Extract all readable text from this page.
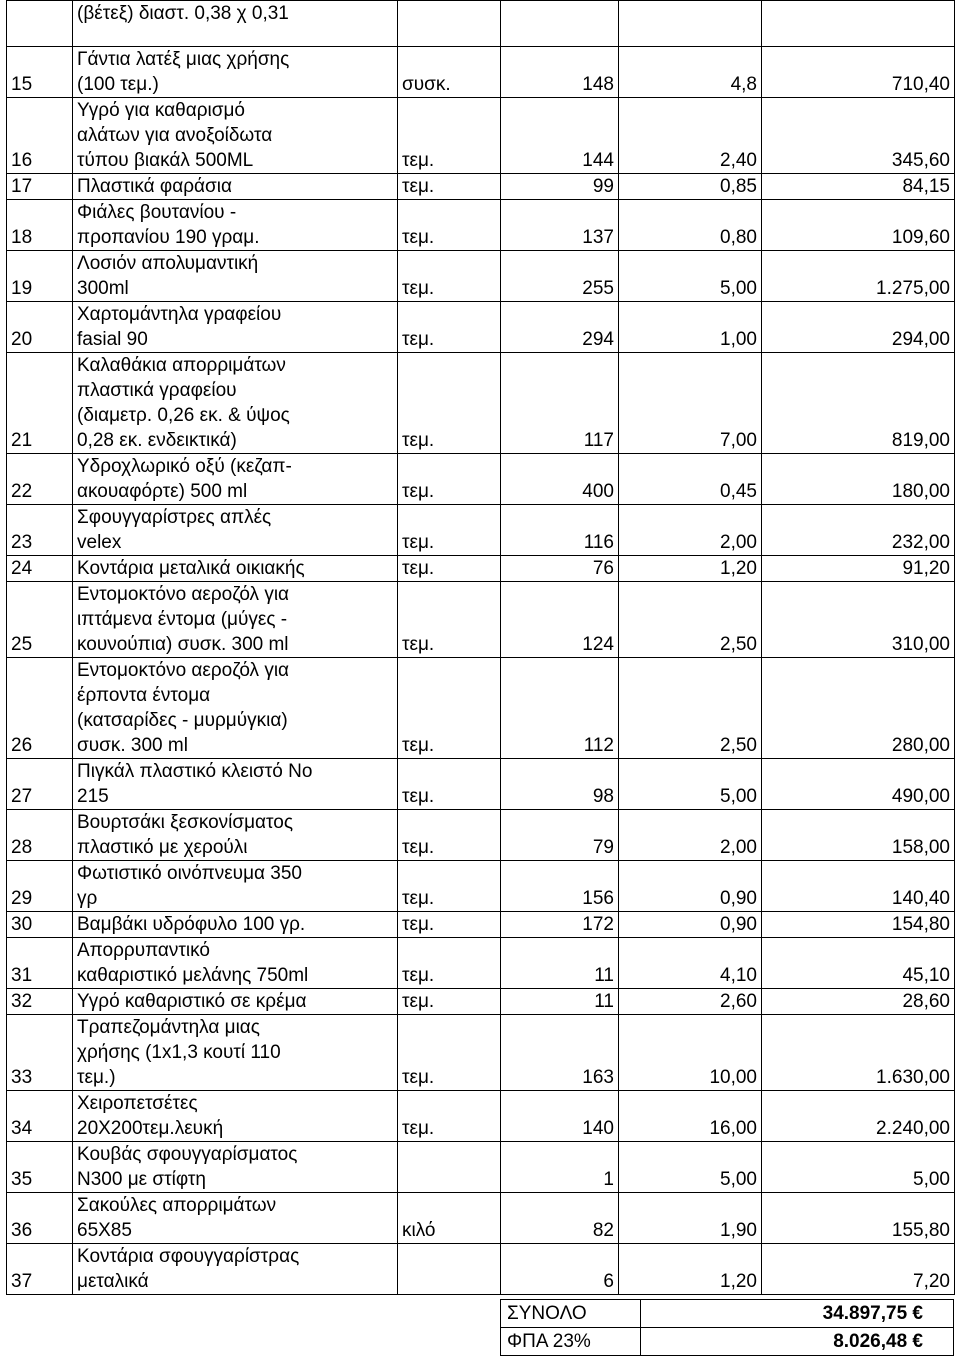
	(βέτεξ) διαστ. 0,38 χ 0,31				
15	Γάντια λατέξ μιας χρήσης
(100 τεμ.)	συσκ.	148	4,8	710,40
16	Υγρό για καθαρισμό
αλάτων για ανοξοίδωτα
τύπου βιακάλ 500ML	τεμ.	144	2,40	345,60
17	Πλαστικά φαράσια	τεμ.	99	0,85	84,15
18	Φιάλες βουτανίου -
προπανίου 190 γραμ.	τεμ.	137	0,80	109,60
19	Λοσιόν απολυμαντική
300ml	τεμ.	255	5,00	1.275,00
20	Χαρτομάντηλα γραφείου
fasial 90	τεμ.	294	1,00	294,00
21	Καλαθάκια απορριμάτων
πλαστικά γραφείου
(διαμετρ. 0,26 εκ. & ύψος
0,28 εκ. ενδεικτικά)	τεμ.	117	7,00	819,00
22	Υδροχλωρικό οξύ (κεζαπ-
ακουαφόρτε) 500 ml	τεμ.	400	0,45	180,00
23	Σφουγγαρίστρες απλές
velex	τεμ.	116	2,00	232,00
24	Κοντάρια μεταλικά οικιακής	τεμ.	76	1,20	91,20
25	Εντομοκτόνο αεροζόλ για
ιπτάμενα έντομα (μύγες -
κουνούπια) συσκ. 300 ml	τεμ.	124	2,50	310,00
26	Εντομοκτόνο αεροζόλ για
έρποντα έντομα
(κατσαρίδες - μυρμύγκια)
συσκ. 300 ml	τεμ.	112	2,50	280,00
27	Πιγκάλ πλαστικό κλειστό Νο
215	τεμ.	98	5,00	490,00
28	Βουρτσάκι ξεσκονίσματος
πλαστικό με χερούλι	τεμ.	79	2,00	158,00
29	Φωτιστικό οινόπνευμα 350
γρ	τεμ.	156	0,90	140,40
30	Βαμβάκι υδρόφυλο 100 γρ.	τεμ.	172	0,90	154,80
31	Απορρυπαντικό
καθαριστικό μελάνης 750ml	τεμ.	11	4,10	45,10
32	Υγρό καθαριστικό σε κρέμα	τεμ.	11	2,60	28,60
33	Τραπεζομάντηλα μιας
χρήσης (1x1,3 κουτί 110
τεμ.)	τεμ.	163	10,00	1.630,00
34	Χειροπετσέτες
20Χ200τεμ.λευκή	τεμ.	140	16,00	2.240,00
35	Κουβάς σφουγγαρίσματος
Ν300 με στίφτη		1	5,00	5,00
36	Σακούλες απορριμάτων
65Χ85	κιλό	82	1,90	155,80
37	Κοντάρια σφουγγαρίστρας
μεταλικά		6	1,20	7,20
ΣΥΝΟΛΟ	34.897,75 €
ΦΠΑ 23%	8.026,48 €
